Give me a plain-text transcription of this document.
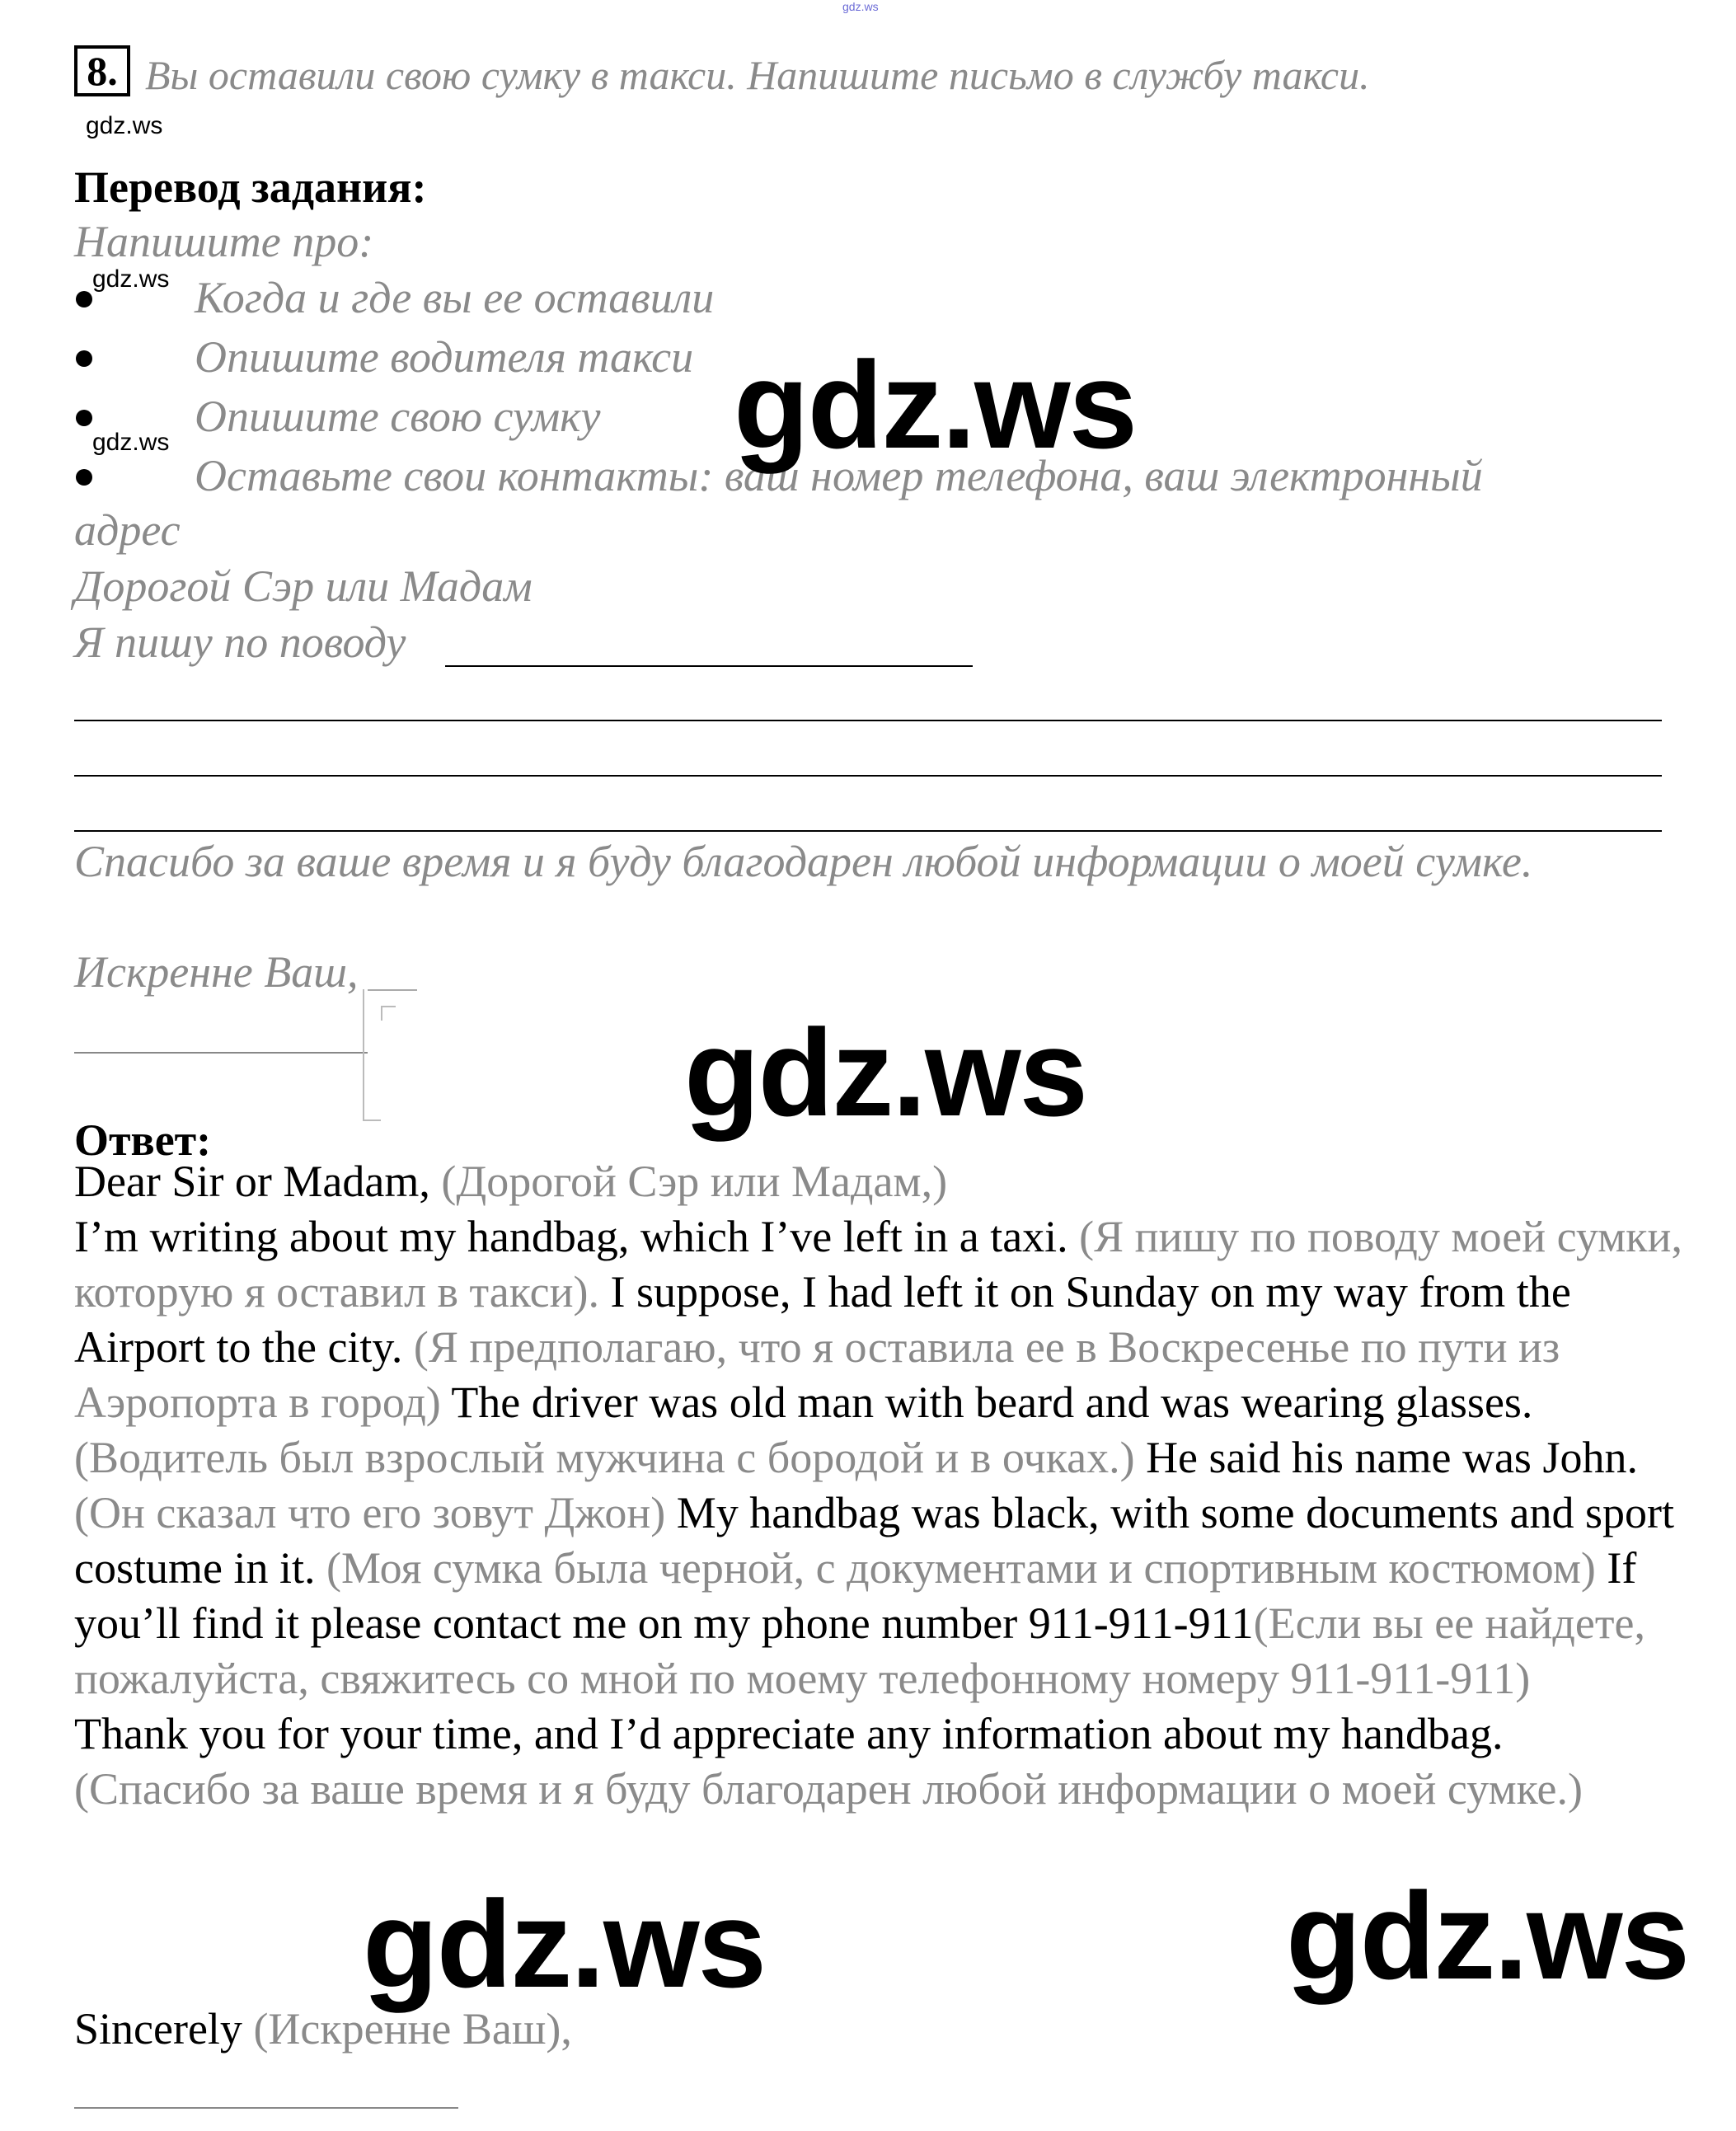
gdz.ws
8. Вы оставили свою сумку в такси. Напишите письмо в службу такси.
gdz.ws
Перевод задания:
Напишите про:
gdz.ws Когда и где вы ее оставили
Опишите водителя такси
gdz.ws
Опишите свою сумку
Оставьте свои контакты: ваш номер телефона, ваш электронный
адрес
gdz.ws
Дорогой Сэр или Мадам
Я пишу по поводу
Спасибо за ваше время и я буду благодарен любой информации о моей сумке.
Искренне Ваш,
gdz.ws
Ответ:
Dear Sir or Madam, (Дорогой Сэр или Мадам,)
I’m writing about my handbag, which I’ve left in a taxi. (Я пишу по поводу моей сумки, которую я оставил в такси). I suppose, I had left it on Sunday on my way from the Airport to the city. (Я предполагаю, что я оставила ее в Воскресенье по пути из Аэропорта в город) The driver was old man with beard and was wearing glasses. (Водитель был взрослый мужчина с бородой и в очках.) He said his name was John. (Он сказал что его зовут Джон) My handbag was black, with some documents and sport costume in it. (Моя сумка была черной, с документами и спортивным костюмом) If you’ll find it please contact me on my phone number 911-911-911(Если вы ее найдете, пожалуйста, свяжитесь со мной по моему телефонному номеру 911-911-911)
Thank you for your time, and I’d appreciate any information about my handbag.
(Спасибо за ваше время и я буду благодарен любой информации о моей сумке.)
gdz.ws	gdz.ws
Sincerely (Искренне Ваш),
